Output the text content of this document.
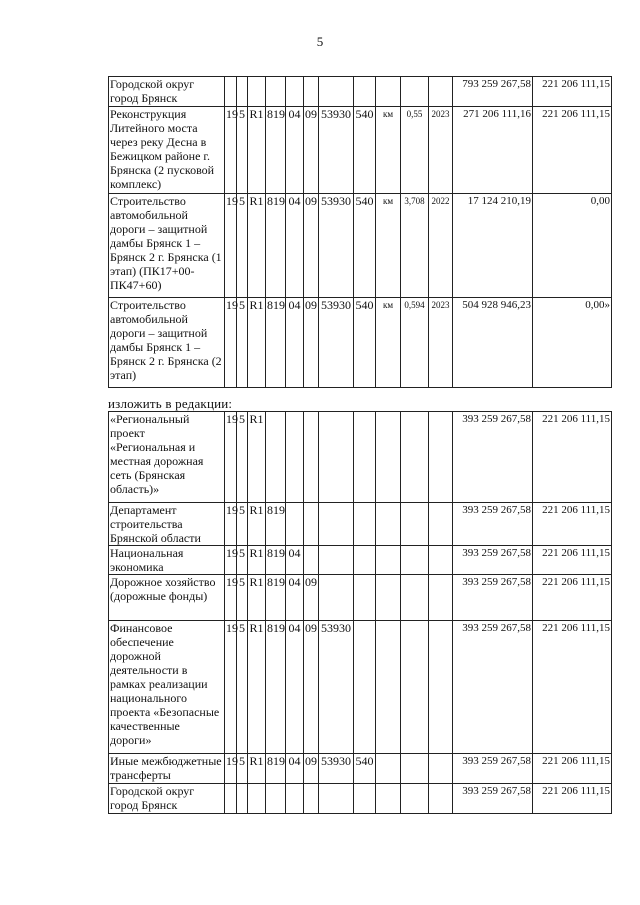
5
Городской округ город Брянск												793 259 267,58	221 206 111,15
Реконструкция Литейного моста через реку Десна в Бежицком районе г. Брянска (2 пусковой комплекс)	19	5	R1	819	04	09	53930	540	км	0,55	2023	271 206 111,16	221 206 111,15
Строительство автомобильной дороги – защитной дамбы Брянск 1 – Брянск 2 г. Брянска (1 этап) (ПК17+00-ПК47+60)	19	5	R1	819	04	09	53930	540	км	3,708	2022	17 124 210,19	0,00
Строительство автомобильной дороги – защитной дамбы Брянск 1 – Брянск 2 г. Брянска (2 этап)	19	5	R1	819	04	09	53930	540	км	0,594	2023	504 928 946,23	0,00»
изложить в редакции:
«Региональный проект «Региональная и местная дорожная сеть (Брянская область)»	19	5	R1									393 259 267,58	221 206 111,15
Департамент строительства Брянской области	19	5	R1	819								393 259 267,58	221 206 111,15
Национальная экономика	19	5	R1	819	04							393 259 267,58	221 206 111,15
Дорожное хозяйство (дорожные фонды)	19	5	R1	819	04	09						393 259 267,58	221 206 111,15
Финансовое обеспечение дорожной деятельности в рамках реализации национального проекта «Безопасные качественные дороги»	19	5	R1	819	04	09	53930					393 259 267,58	221 206 111,15
Иные межбюджетные трансферты	19	5	R1	819	04	09	53930	540				393 259 267,58	221 206 111,15
Городской округ город Брянск												393 259 267,58	221 206 111,15
